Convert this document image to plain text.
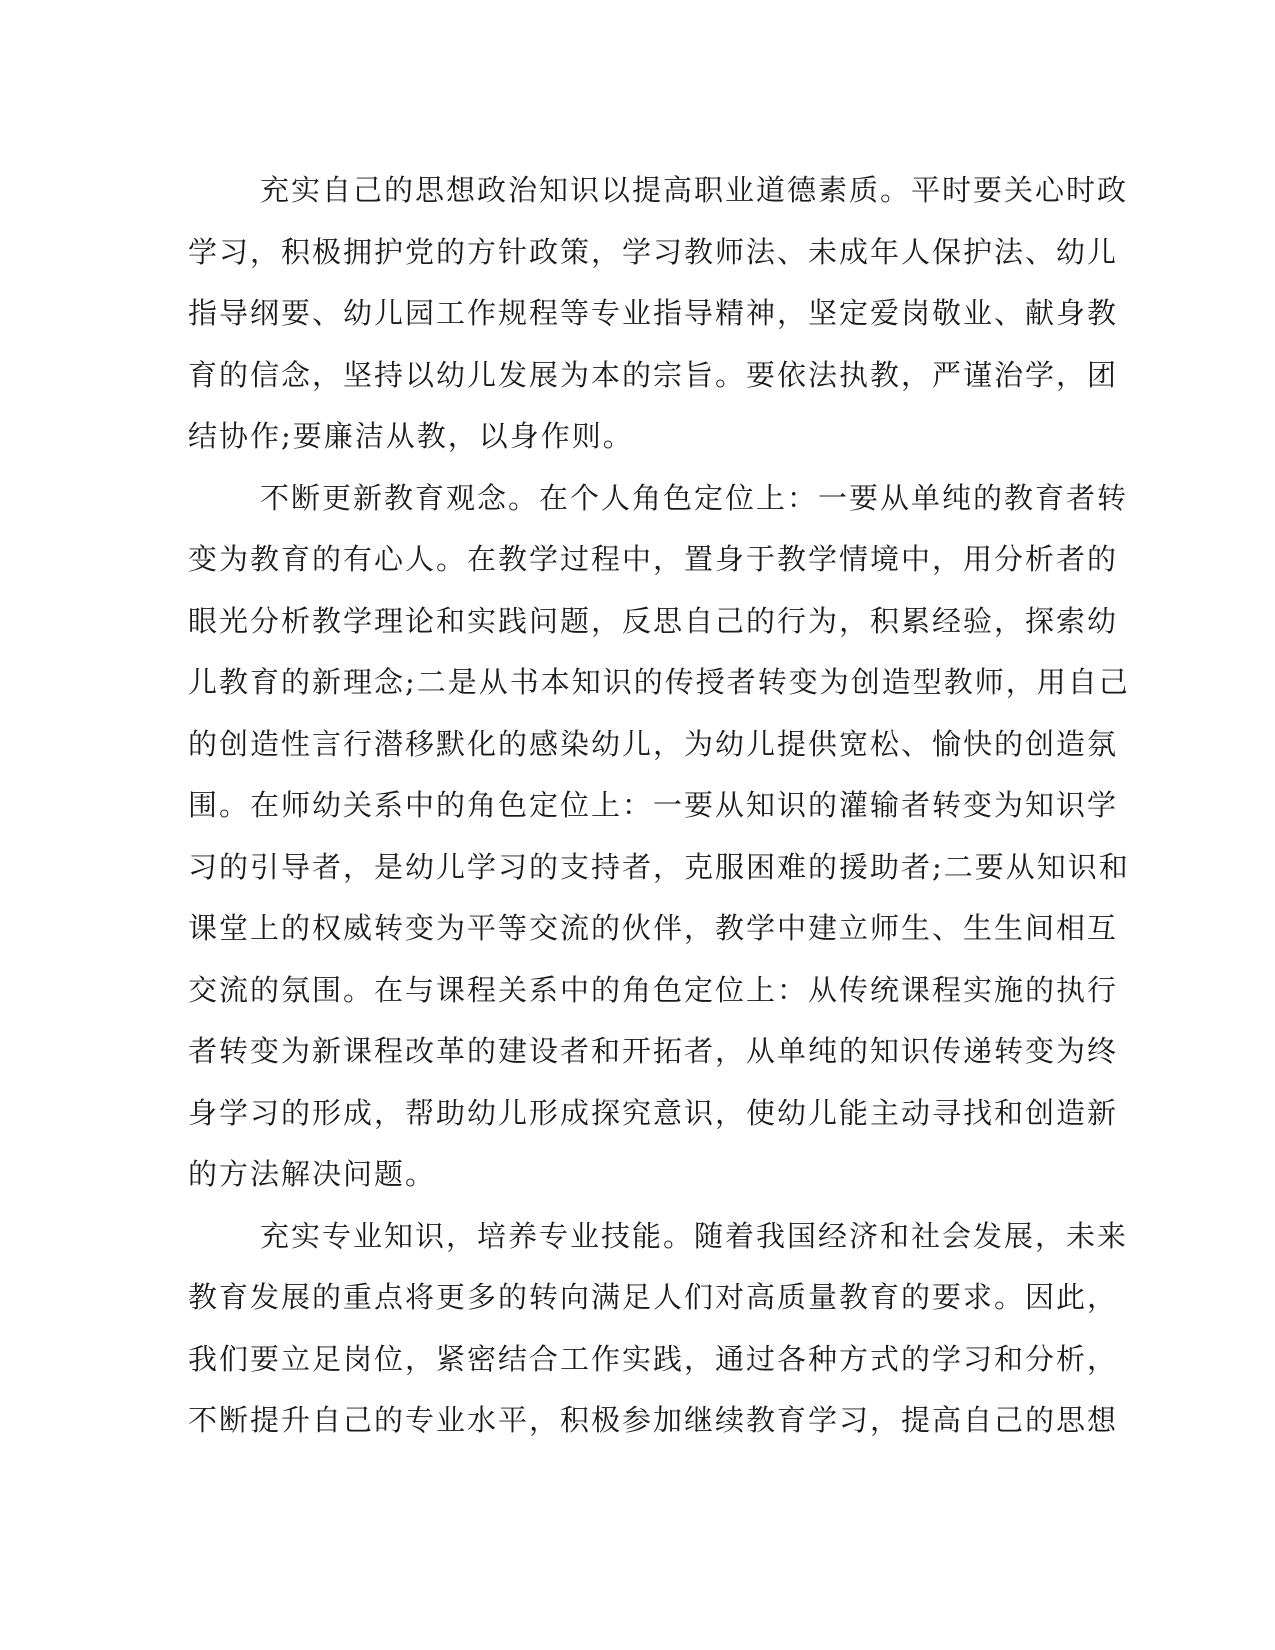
充实自己的思想政治知识以提高职业道德素质。平时要关心时政
学习，积极拥护党的方针政策，学习教师法、未成年人保护法、幼儿
指导纲要、幼儿园工作规程等专业指导精神，坚定爱岗敬业、献身教
育的信念，坚持以幼儿发展为本的宗旨。要依法执教，严谨治学，团
结协作;要廉洁从教，以身作则。
不断更新教育观念。在个人角色定位上：一要从单纯的教育者转
变为教育的有心人。在教学过程中，置身于教学情境中，用分析者的
眼光分析教学理论和实践问题，反思自己的行为，积累经验，探索幼
儿教育的新理念;二是从书本知识的传授者转变为创造型教师，用自己
的创造性言行潜移默化的感染幼儿，为幼儿提供宽松、愉快的创造氛
围。在师幼关系中的角色定位上：一要从知识的灌输者转变为知识学
习的引导者，是幼儿学习的支持者，克服困难的援助者;二要从知识和
课堂上的权威转变为平等交流的伙伴，教学中建立师生、生生间相互
交流的氛围。在与课程关系中的角色定位上：从传统课程实施的执行
者转变为新课程改革的建设者和开拓者，从单纯的知识传递转变为终
身学习的形成，帮助幼儿形成探究意识，使幼儿能主动寻找和创造新
的方法解决问题。
充实专业知识，培养专业技能。随着我国经济和社会发展，未来
教育发展的重点将更多的转向满足人们对高质量教育的要求。因此，
我们要立足岗位，紧密结合工作实践，通过各种方式的学习和分析，
不断提升自己的专业水平，积极参加继续教育学习，提高自己的思想
